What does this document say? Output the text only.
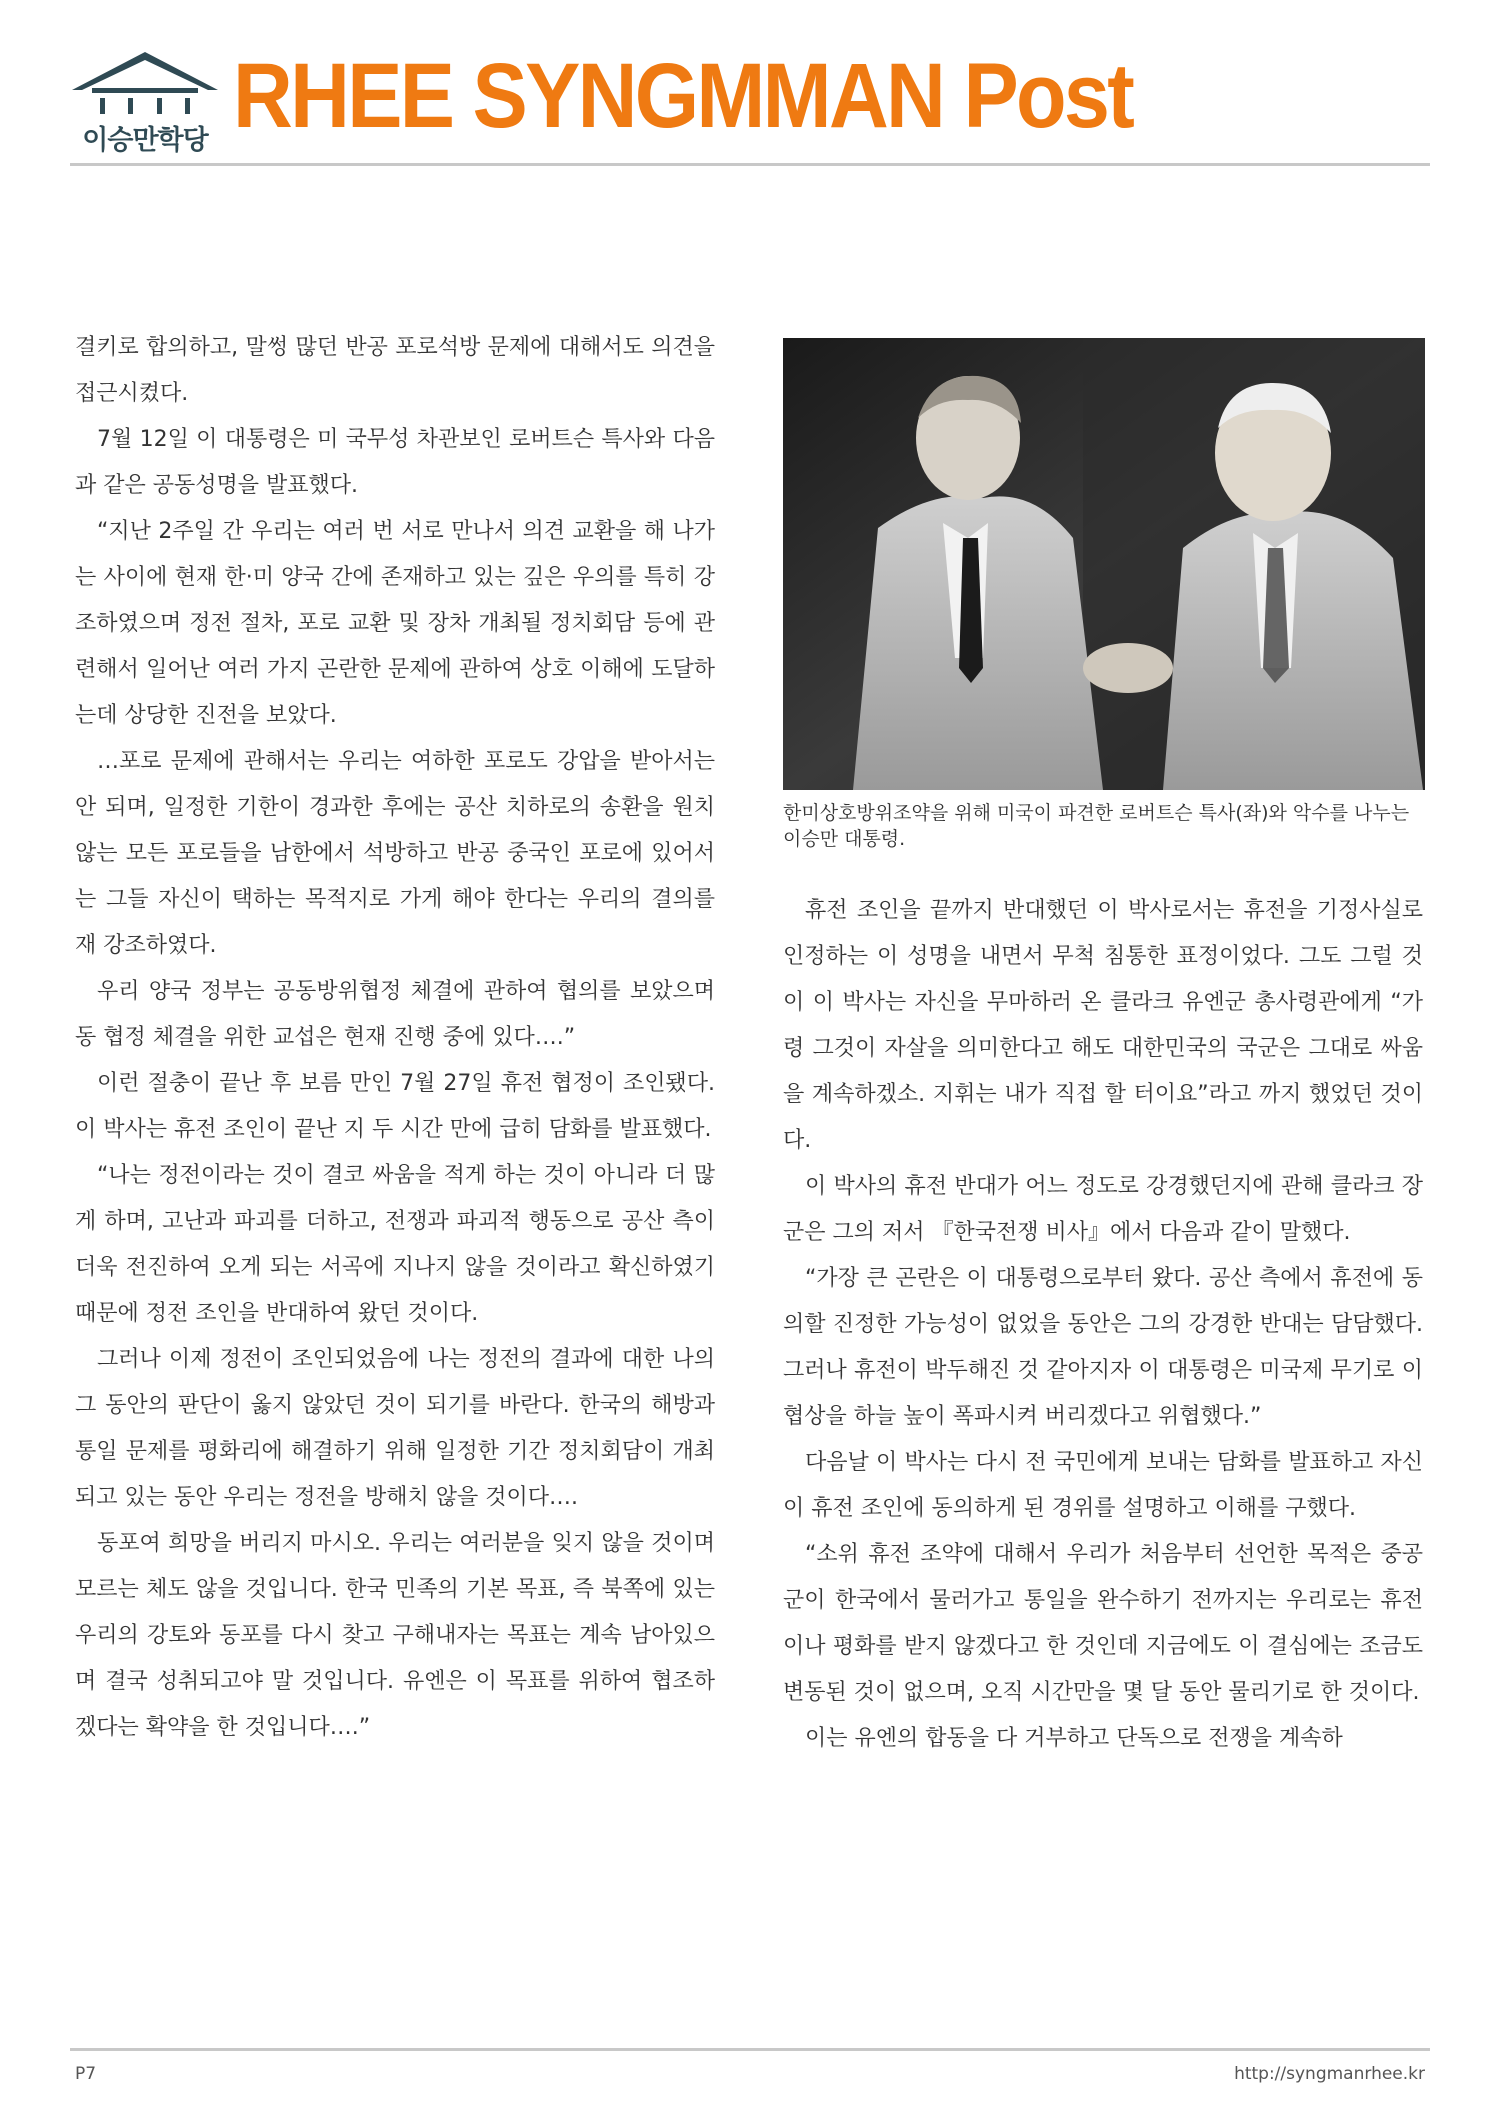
이승만학당 RHEE SYNGMMAN Post

결키로 합의하고, 말썽 많던 반공 포로석방 문제에 대해서도 의견을 접근시켰다.

7월 12일 이 대통령은 미 국무성 차관보인 로버트슨 특사와 다음과 같은 공동성명을 발표했다.

“지난 2주일 간 우리는 여러 번 서로 만나서 의견 교환을 해 나가는 사이에 현재 한·미 양국 간에 존재하고 있는 깊은 우의를 특히 강조하였으며 정전 절차, 포로 교환 및 장차 개최될 정치회담 등에 관련해서 일어난 여러 가지 곤란한 문제에 관하여 상호 이해에 도달하는데 상당한 진전을 보았다.

…포로 문제에 관해서는 우리는 여하한 포로도 강압을 받아서는 안 되며, 일정한 기한이 경과한 후에는 공산 치하로의 송환을 원치 않는 모든 포로들을 남한에서 석방하고 반공 중국인 포로에 있어서는 그들 자신이 택하는 목적지로 가게 해야 한다는 우리의 결의를 재 강조하였다.

우리 양국 정부는 공동방위협정 체결에 관하여 협의를 보았으며 동 협정 체결을 위한 교섭은 현재 진행 중에 있다….”

이런 절충이 끝난 후 보름 만인 7월 27일 휴전 협정이 조인됐다. 이 박사는 휴전 조인이 끝난 지 두 시간 만에 급히 담화를 발표했다.

“나는 정전이라는 것이 결코 싸움을 적게 하는 것이 아니라 더 많게 하며, 고난과 파괴를 더하고, 전쟁과 파괴적 행동으로 공산 측이 더욱 전진하여 오게 되는 서곡에 지나지 않을 것이라고 확신하였기 때문에 정전 조인을 반대하여 왔던 것이다.

그러나 이제 정전이 조인되었음에 나는 정전의 결과에 대한 나의 그 동안의 판단이 옳지 않았던 것이 되기를 바란다. 한국의 해방과 통일 문제를 평화리에 해결하기 위해 일정한 기간 정치회담이 개최 되고 있는 동안 우리는 정전을 방해치 않을 것이다….

동포여 희망을 버리지 마시오. 우리는 여러분을 잊지 않을 것이며 모르는 체도 않을 것입니다. 한국 민족의 기본 목표, 즉 북쪽에 있는 우리의 강토와 동포를 다시 찾고 구해내자는 목표는 계속 남아있으며 결국 성취되고야 말 것입니다. 유엔은 이 목표를 위하여 협조하겠다는 확약을 한 것입니다….”

한미상호방위조약을 위해 미국이 파견한 로버트슨 특사(좌)와 악수를 나누는 이승만 대통령.

휴전 조인을 끝까지 반대했던 이 박사로서는 휴전을 기정사실로 인정하는 이 성명을 내면서 무척 침통한 표정이었다. 그도 그럴 것이 이 박사는 자신을 무마하러 온 클라크 유엔군 총사령관에게 “가령 그것이 자살을 의미한다고 해도 대한민국의 국군은 그대로 싸움을 계속하겠소. 지휘는 내가 직접 할 터이요”라고 까지 했었던 것이다.

이 박사의 휴전 반대가 어느 정도로 강경했던지에 관해 클라크 장군은 그의 저서 『한국전쟁 비사』에서 다음과 같이 말했다.

“가장 큰 곤란은 이 대통령으로부터 왔다. 공산 측에서 휴전에 동의할 진정한 가능성이 없었을 동안은 그의 강경한 반대는 담담했다. 그러나 휴전이 박두해진 것 같아지자 이 대통령은 미국제 무기로 이 협상을 하늘 높이 폭파시켜 버리겠다고 위협했다.”

다음날 이 박사는 다시 전 국민에게 보내는 담화를 발표하고 자신이 휴전 조인에 동의하게 된 경위를 설명하고 이해를 구했다.

“소위 휴전 조약에 대해서 우리가 처음부터 선언한 목적은 중공군이 한국에서 물러가고 통일을 완수하기 전까지는 우리로는 휴전이나 평화를 받지 않겠다고 한 것인데 지금에도 이 결심에는 조금도 변동된 것이 없으며, 오직 시간만을 몇 달 동안 물리기로 한 것이다.

이는 유엔의 합동을 다 거부하고 단독으로 전쟁을 계속하

P7	http://syngmanrhee.kr
